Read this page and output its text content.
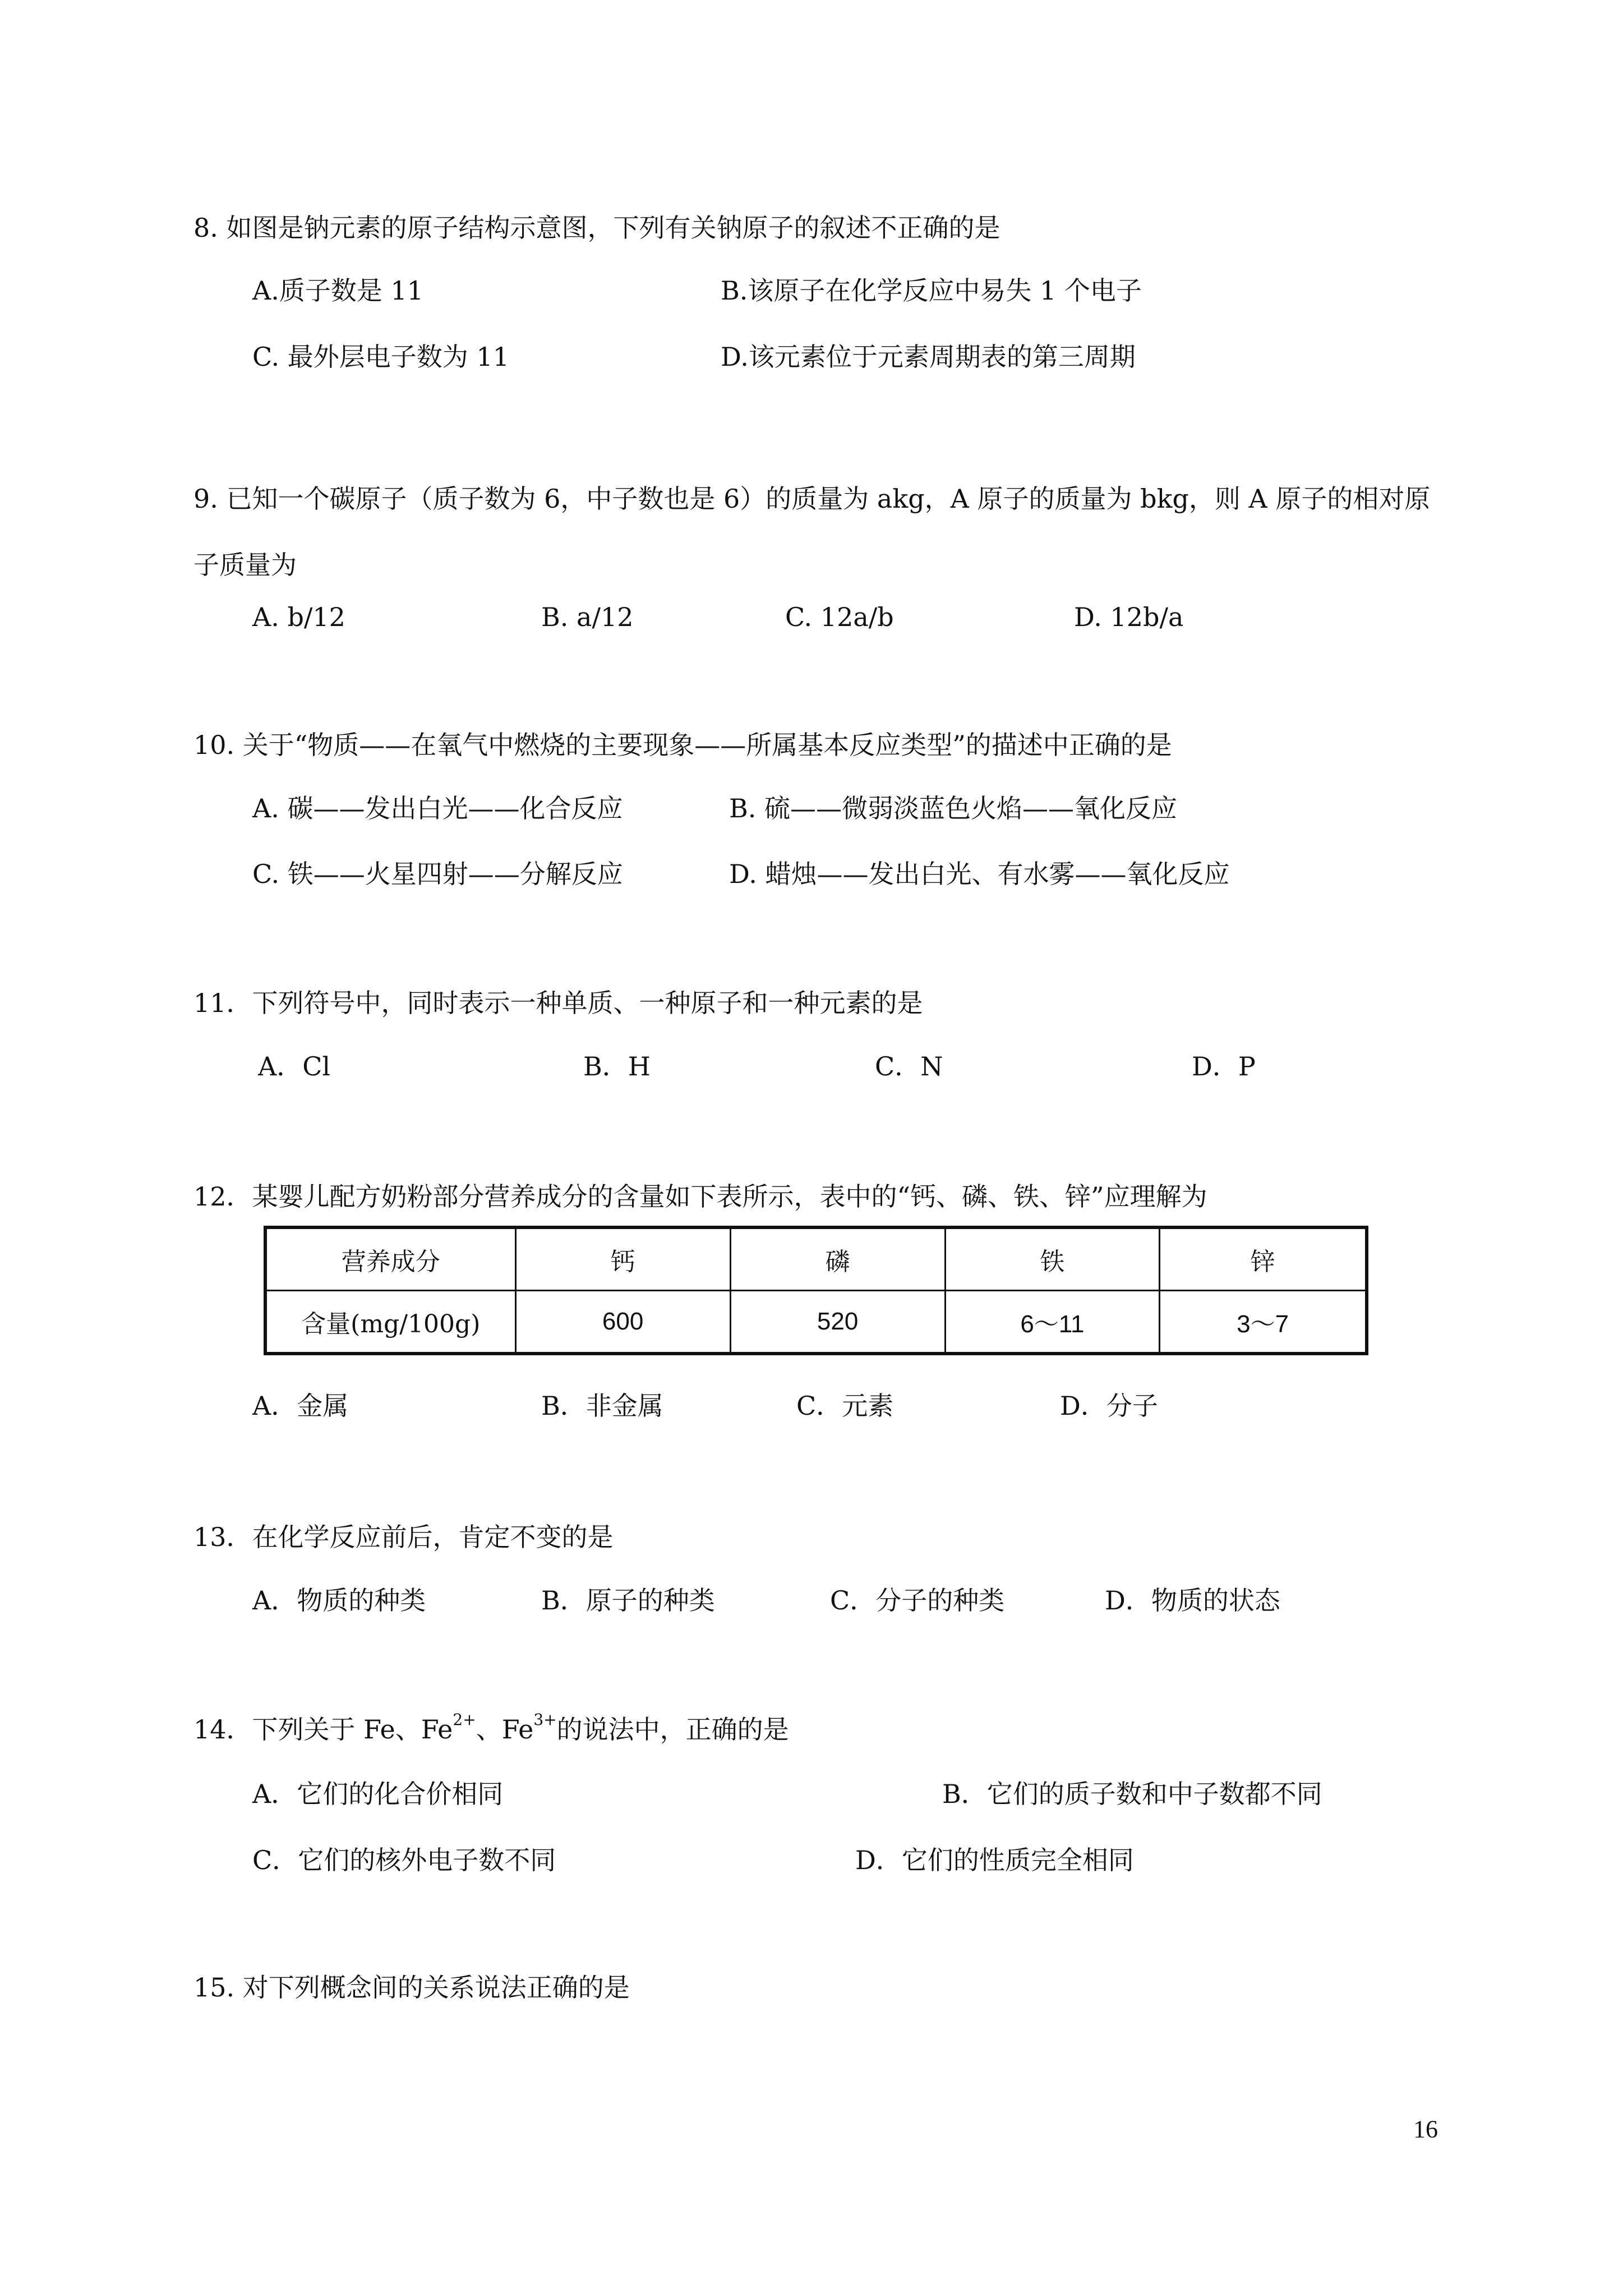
8. 如图是钠元素的原子结构示意图，下列有关钠原子的叙述不正确的是
A.质子数是 11	B.该原子在化学反应中易失 1 个电子
C. 最外层电子数为 11	D.该元素位于元素周期表的第三周期
9. 已知一个碳原子（质子数为 6，中子数也是 6）的质量为 akg，A 原子的质量为 bkg，则 A 原子的相对原子质量为
A. b/12	B. a/12	C. 12a/b	D. 12b/a
10. 关于“物质——在氧气中燃烧的主要现象——所属基本反应类型”的描述中正确的是
A. 碳——发出白光——化合反应	B. 硫——微弱淡蓝色火焰——氧化反应
C. 铁——火星四射——分解反应	D. 蜡烛——发出白光、有水雾——氧化反应
11．下列符号中，同时表示一种单质、一种原子和一种元素的是
A．Cl	B．H	C．N	D．P
12．某婴儿配方奶粉部分营养成分的含量如下表所示，表中的“钙、磷、铁、锌”应理解为
营养成分	钙	磷	铁	锌
含量(mg/100g)	600	520	6～11	3～7
A．金属	B．非金属	C．元素	D．分子
13．在化学反应前后，肯定不变的是
A．物质的种类	B．原子的种类	C．分子的种类	D．物质的状态
14．下列关于 Fe、$Fe^{2+}$、$Fe^{3+}$的说法中，正确的是
A．它们的化合价相同	B．它们的质子数和中子数都不同
C．它们的核外电子数不同	D．它们的性质完全相同
15. 对下列概念间的关系说法正确的是
16
